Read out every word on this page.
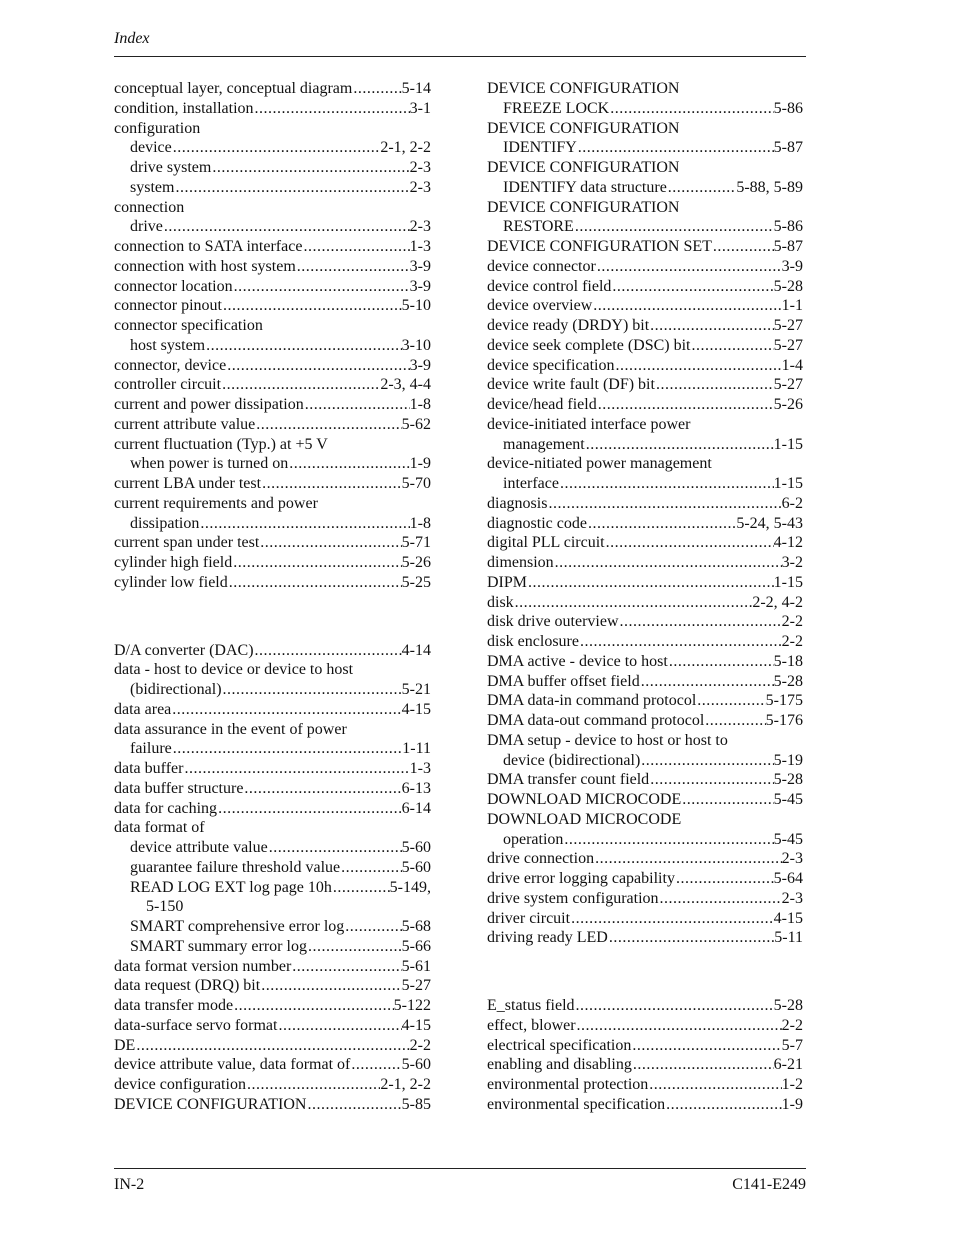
Index
conceptual layer, conceptual diagram .....	5-14
condition, installation .....	3-1
configuration
device .....	2-1, 2-2
drive system .....	2-3
system .....	2-3
connection
drive .....	2-3
connection to SATA interface .....	1-3
connection with host system .....	3-9
connector location .....	3-9
connector pinout .....	5-10
connector specification
host system .....	3-10
connector, device .....	3-9
controller circuit .....	2-3, 4-4
current and power dissipation .....	1-8
current attribute value .....	5-62
current fluctuation (Typ.) at +5 V
when power is turned on .....	1-9
current LBA under test .....	5-70
current requirements and power
dissipation .....	1-8
current span under test .....	5-71
cylinder high field .....	5-26
cylinder low field .....	5-25
D/A converter (DAC) .....	4-14
data - host to device or device to host
(bidirectional) .....	5-21
data area .....	4-15
data assurance in the event of power
failure .....	1-11
data buffer .....	1-3
data buffer structure .....	6-13
data for caching .....	6-14
data format of
device attribute value .....	5-60
guarantee failure threshold value .....	5-60
READ LOG EXT log page 10h .....	5-149,
5-150
SMART comprehensive error log .....	5-68
SMART summary error log .....	5-66
data format version number .....	5-61
data request (DRQ) bit .....	5-27
data transfer mode .....	5-122
data-surface servo format .....	4-15
DE .....	2-2
device attribute value, data format of .....	5-60
device configuration .....	2-1, 2-2
DEVICE CONFIGURATION .....	5-85
DEVICE CONFIGURATION
FREEZE LOCK .....	5-86
DEVICE CONFIGURATION
IDENTIFY .....	5-87
DEVICE CONFIGURATION
IDENTIFY data structure .....	5-88, 5-89
DEVICE CONFIGURATION
RESTORE .....	5-86
DEVICE CONFIGURATION SET .....	5-87
device connector .....	3-9
device control field .....	5-28
device overview .....	1-1
device ready (DRDY) bit .....	5-27
device seek complete (DSC) bit .....	5-27
device specification .....	1-4
device write fault (DF) bit .....	5-27
device/head field .....	5-26
device-initiated interface power
management .....	1-15
device-nitiated power management
interface .....	1-15
diagnosis .....	6-2
diagnostic code .....	5-24, 5-43
digital PLL circuit .....	4-12
dimension .....	3-2
DIPM .....	1-15
disk .....	2-2, 4-2
disk drive outerview .....	2-2
disk enclosure .....	2-2
DMA active - device to host .....	5-18
DMA buffer offset field .....	5-28
DMA data-in command protocol .....	5-175
DMA data-out command protocol .....	5-176
DMA setup - device to host or host to
device (bidirectional) .....	5-19
DMA transfer count field .....	5-28
DOWNLOAD MICROCODE .....	5-45
DOWNLOAD MICROCODE
operation .....	5-45
drive connection .....	2-3
drive error logging capability .....	5-64
drive system configuration .....	2-3
driver circuit .....	4-15
driving ready LED .....	5-11
E_status field .....	5-28
effect, blower .....	2-2
electrical specification .....	5-7
enabling and disabling .....	6-21
environmental protection .....	1-2
environmental specification .....	1-9
IN-2	C141-E249
